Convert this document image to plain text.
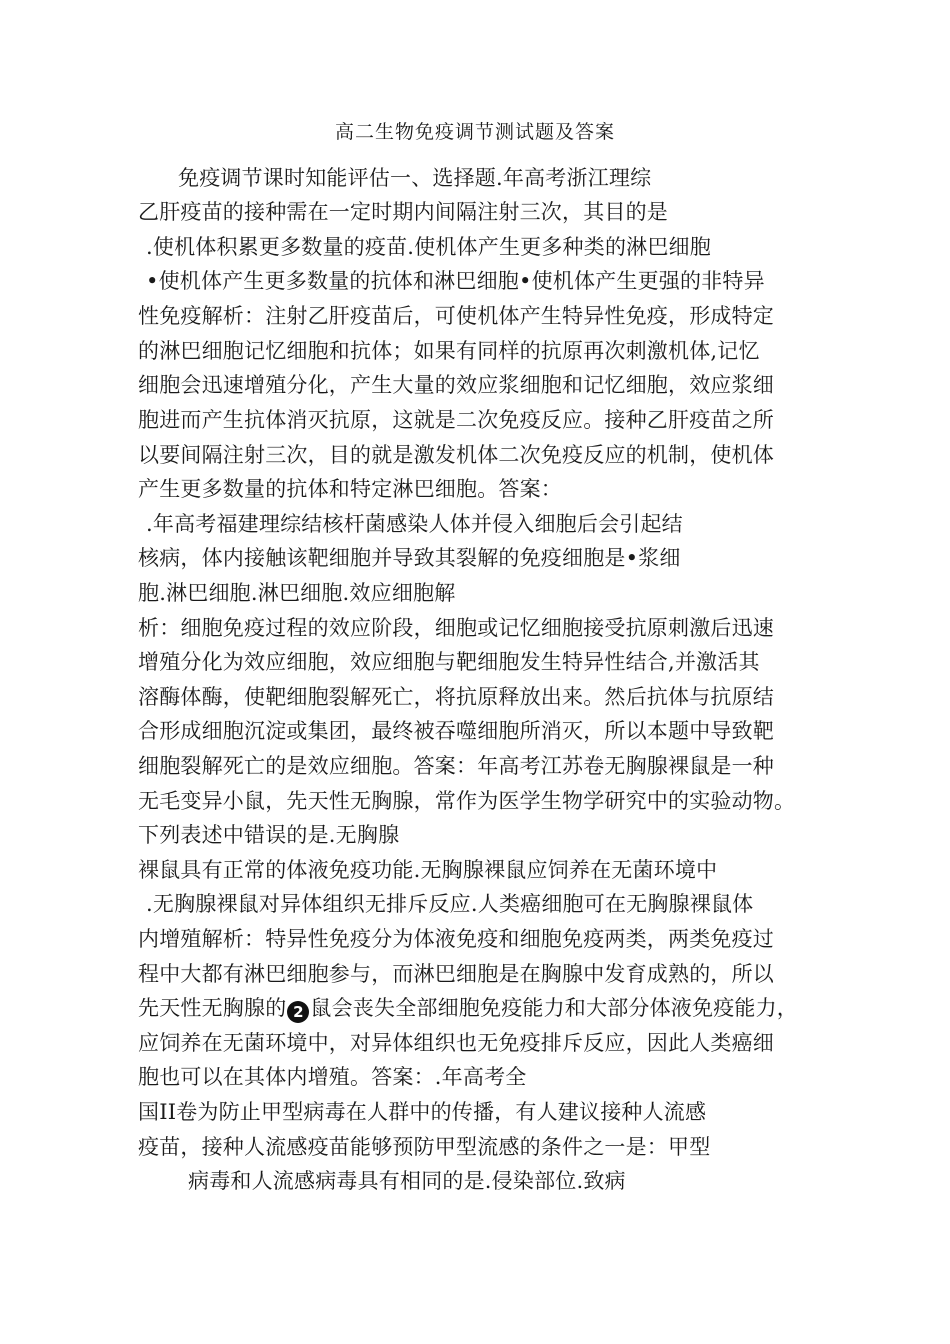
高二生物免疫调节测试题及答案
免疫调节课时知能评估一、选择题.年高考浙江理综
乙肝疫苗的接种需在一定时期内间隔注射三次，其目的是
.使机体积累更多数量的疫苗.使机体产生更多种类的淋巴细胞
•使机体产生更多数量的抗体和淋巴细胞•使机体产生更强的非特异
性免疫解析：注射乙肝疫苗后，可使机体产生特异性免疫，形成特定
的淋巴细胞记忆细胞和抗体；如果有同样的抗原再次刺激机体,记忆
细胞会迅速增殖分化，产生大量的效应浆细胞和记忆细胞，效应浆细
胞进而产生抗体消灭抗原，这就是二次免疫反应。接种乙肝疫苗之所
以要间隔注射三次，目的就是激发机体二次免疫反应的机制，使机体
产生更多数量的抗体和特定淋巴细胞。答案：
.年高考福建理综结核杆菌感染人体并侵入细胞后会引起结
核病，体内接触该靶细胞并导致其裂解的免疫细胞是•浆细
胞.淋巴细胞.淋巴细胞.效应细胞解
析：细胞免疫过程的效应阶段，细胞或记忆细胞接受抗原刺激后迅速
增殖分化为效应细胞，效应细胞与靶细胞发生特异性结合,并激活其
溶酶体酶，使靶细胞裂解死亡，将抗原释放出来。然后抗体与抗原结
合形成细胞沉淀或集团，最终被吞噬细胞所消灭，所以本题中导致靶
细胞裂解死亡的是效应细胞。答案：年高考江苏卷无胸腺裸鼠是一种
无毛变异小鼠，先天性无胸腺，常作为医学生物学研究中的实验动物。
下列表述中错误的是.无胸腺
裸鼠具有正常的体液免疫功能.无胸腺裸鼠应饲养在无菌环境中
.无胸腺裸鼠对异体组织无排斥反应.人类癌细胞可在无胸腺裸鼠体
内增殖解析：特异性免疫分为体液免疫和细胞免疫两类，两类免疫过
程中大都有淋巴细胞参与，而淋巴细胞是在胸腺中发育成熟的，所以
先天性无胸腺的 2 鼠会丧失全部细胞免疫能力和大部分体液免疫能力，
应饲养在无菌环境中，对异体组织也无免疫排斥反应，因此人类癌细
胞也可以在其体内增殖。答案：.年高考全
国II卷为防止甲型病毒在人群中的传播，有人建议接种人流感
疫苗，接种人流感疫苗能够预防甲型流感的条件之一是：甲型
病毒和人流感病毒具有相同的是.侵染部位.致病
